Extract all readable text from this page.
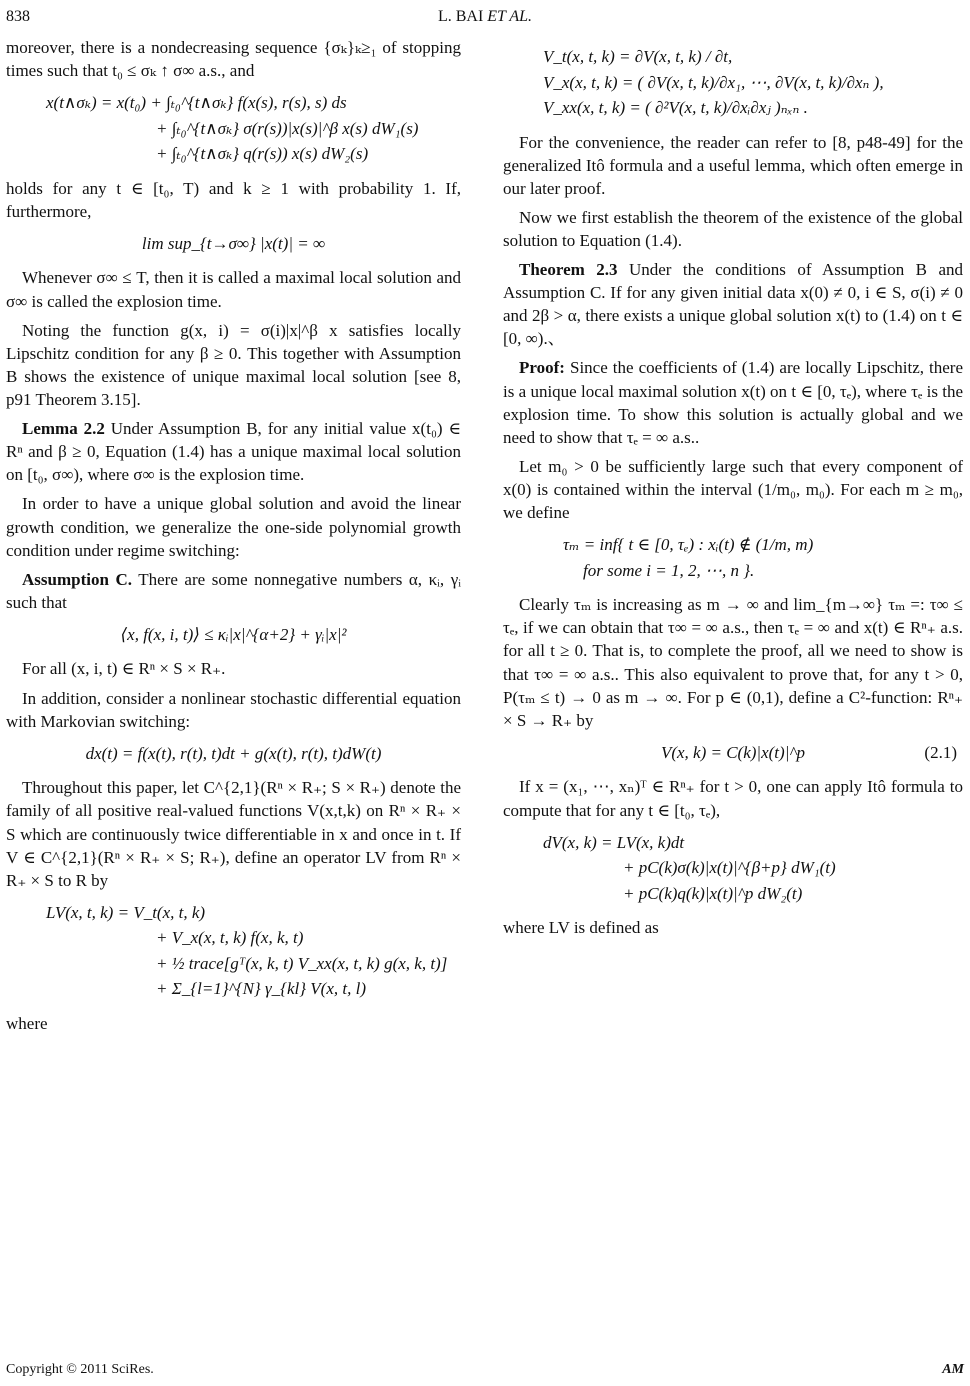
838	L. BAI ET AL.

moreover, there is a nondecreasing sequence {σₖ}ₖ≥₁ of stopping times such that t₀ ≤ σₖ ↑ σ∞ a.s., and

x(t∧σₖ) = x(t₀) + ∫ₜ₀^{t∧σₖ} f(x(s), r(s), s) ds
+ ∫ₜ₀^{t∧σₖ} σ(r(s))|x(s)|^β x(s) dW₁(s)
+ ∫ₜ₀^{t∧σₖ} q(r(s)) x(s) dW₂(s)

holds for any t ∈ [t₀, T) and k ≥ 1 with probability 1. If, furthermore,

lim sup_{t→σ∞} |x(t)| = ∞

Whenever σ∞ ≤ T, then it is called a maximal local solution and σ∞ is called the explosion time.

Noting the function g(x, i) = σ(i)|x|^β x satisfies locally Lipschitz condition for any β ≥ 0. This together with Assumption B shows the existence of unique maximal local solution [see 8, p91 Theorem 3.15].

Lemma 2.2 Under Assumption B, for any initial value x(t₀) ∈ Rⁿ and β ≥ 0, Equation (1.4) has a unique maximal local solution on [t₀, σ∞), where σ∞ is the explosion time.

In order to have a unique global solution and avoid the linear growth condition, we generalize the one-side polynomial growth condition under regime switching:

Assumption C. There are some nonnegative numbers α, κᵢ, γᵢ such that

⟨x, f(x, i, t)⟩ ≤ κᵢ|x|^{α+2} + γᵢ|x|²

For all (x, i, t) ∈ Rⁿ × S × R₊.

In addition, consider a nonlinear stochastic differential equation with Markovian switching:

dx(t) = f(x(t), r(t), t)dt + g(x(t), r(t), t)dW(t)

Throughout this paper, let C^{2,1}(Rⁿ × R₊; S × R₊) denote the family of all positive real-valued functions V(x,t,k) on Rⁿ × R₊ × S which are continuously twice differentiable in x and once in t. If V ∈ C^{2,1}(Rⁿ × R₊ × S; R₊), define an operator LV from Rⁿ × R₊ × S to R by

LV(x, t, k) = V_t(x, t, k)
+ V_x(x, t, k) f(x, k, t)
+ ½ trace[gᵀ(x, k, t) V_xx(x, t, k) g(x, k, t)]
+ Σ_{l=1}^{N} γ_{kl} V(x, t, l)

where

V_t(x, t, k) = ∂V(x, t, k) / ∂t,
V_x(x, t, k) = ( ∂V(x, t, k)/∂x₁, ⋯, ∂V(x, t, k)/∂xₙ ),
V_xx(x, t, k) = ( ∂²V(x, t, k)/∂xᵢ∂xⱼ )ₙₓₙ .

For the convenience, the reader can refer to [8, p48-49] for the generalized Itô formula and a useful lemma, which often emerge in our later proof.

Now we first establish the theorem of the existence of the global solution to Equation (1.4).

Theorem 2.3 Under the conditions of Assumption B and Assumption C. If for any given initial data x(0) ≠ 0, i ∈ S, σ(i) ≠ 0 and 2β > α, there exists a unique global solution x(t) to (1.4) on t ∈ [0, ∞).、

Proof: Since the coefficients of (1.4) are locally Lipschitz, there is a unique local maximal solution x(t) on t ∈ [0, τₑ), where τₑ is the explosion time. To show this solution is actually global and we need to show that τₑ = ∞ a.s..

Let m₀ > 0 be sufficiently large such that every component of x(0) is contained within the interval (1/m₀, m₀). For each m ≥ m₀, we define

τₘ = inf{ t ∈ [0, τₑ) : xᵢ(t) ∉ (1/m, m)
for some i = 1, 2, ⋯, n }.

Clearly τₘ is increasing as m → ∞ and lim_{m→∞} τₘ =: τ∞ ≤ τₑ, if we can obtain that τ∞ = ∞ a.s., then τₑ = ∞ and x(t) ∈ Rⁿ₊ a.s. for all t ≥ 0. That is, to complete the proof, all we need to show is that τ∞ = ∞ a.s.. This also equivalent to prove that, for any t > 0, P(τₘ ≤ t) → 0 as m → ∞. For p ∈ (0,1), define a C²-function: Rⁿ₊ × S → R₊ by

V(x, k) = C(k)|x(t)|^p	(2.1)

If x = (x₁, ⋯, xₙ)ᵀ ∈ Rⁿ₊ for t > 0, one can apply Itô formula to compute that for any t ∈ [t₀, τₑ),

dV(x, k) = LV(x, k)dt
+ pC(k)σ(k)|x(t)|^{β+p} dW₁(t)
+ pC(k)q(k)|x(t)|^p dW₂(t)

where LV is defined as

Copyright © 2011 SciRes.	AM
